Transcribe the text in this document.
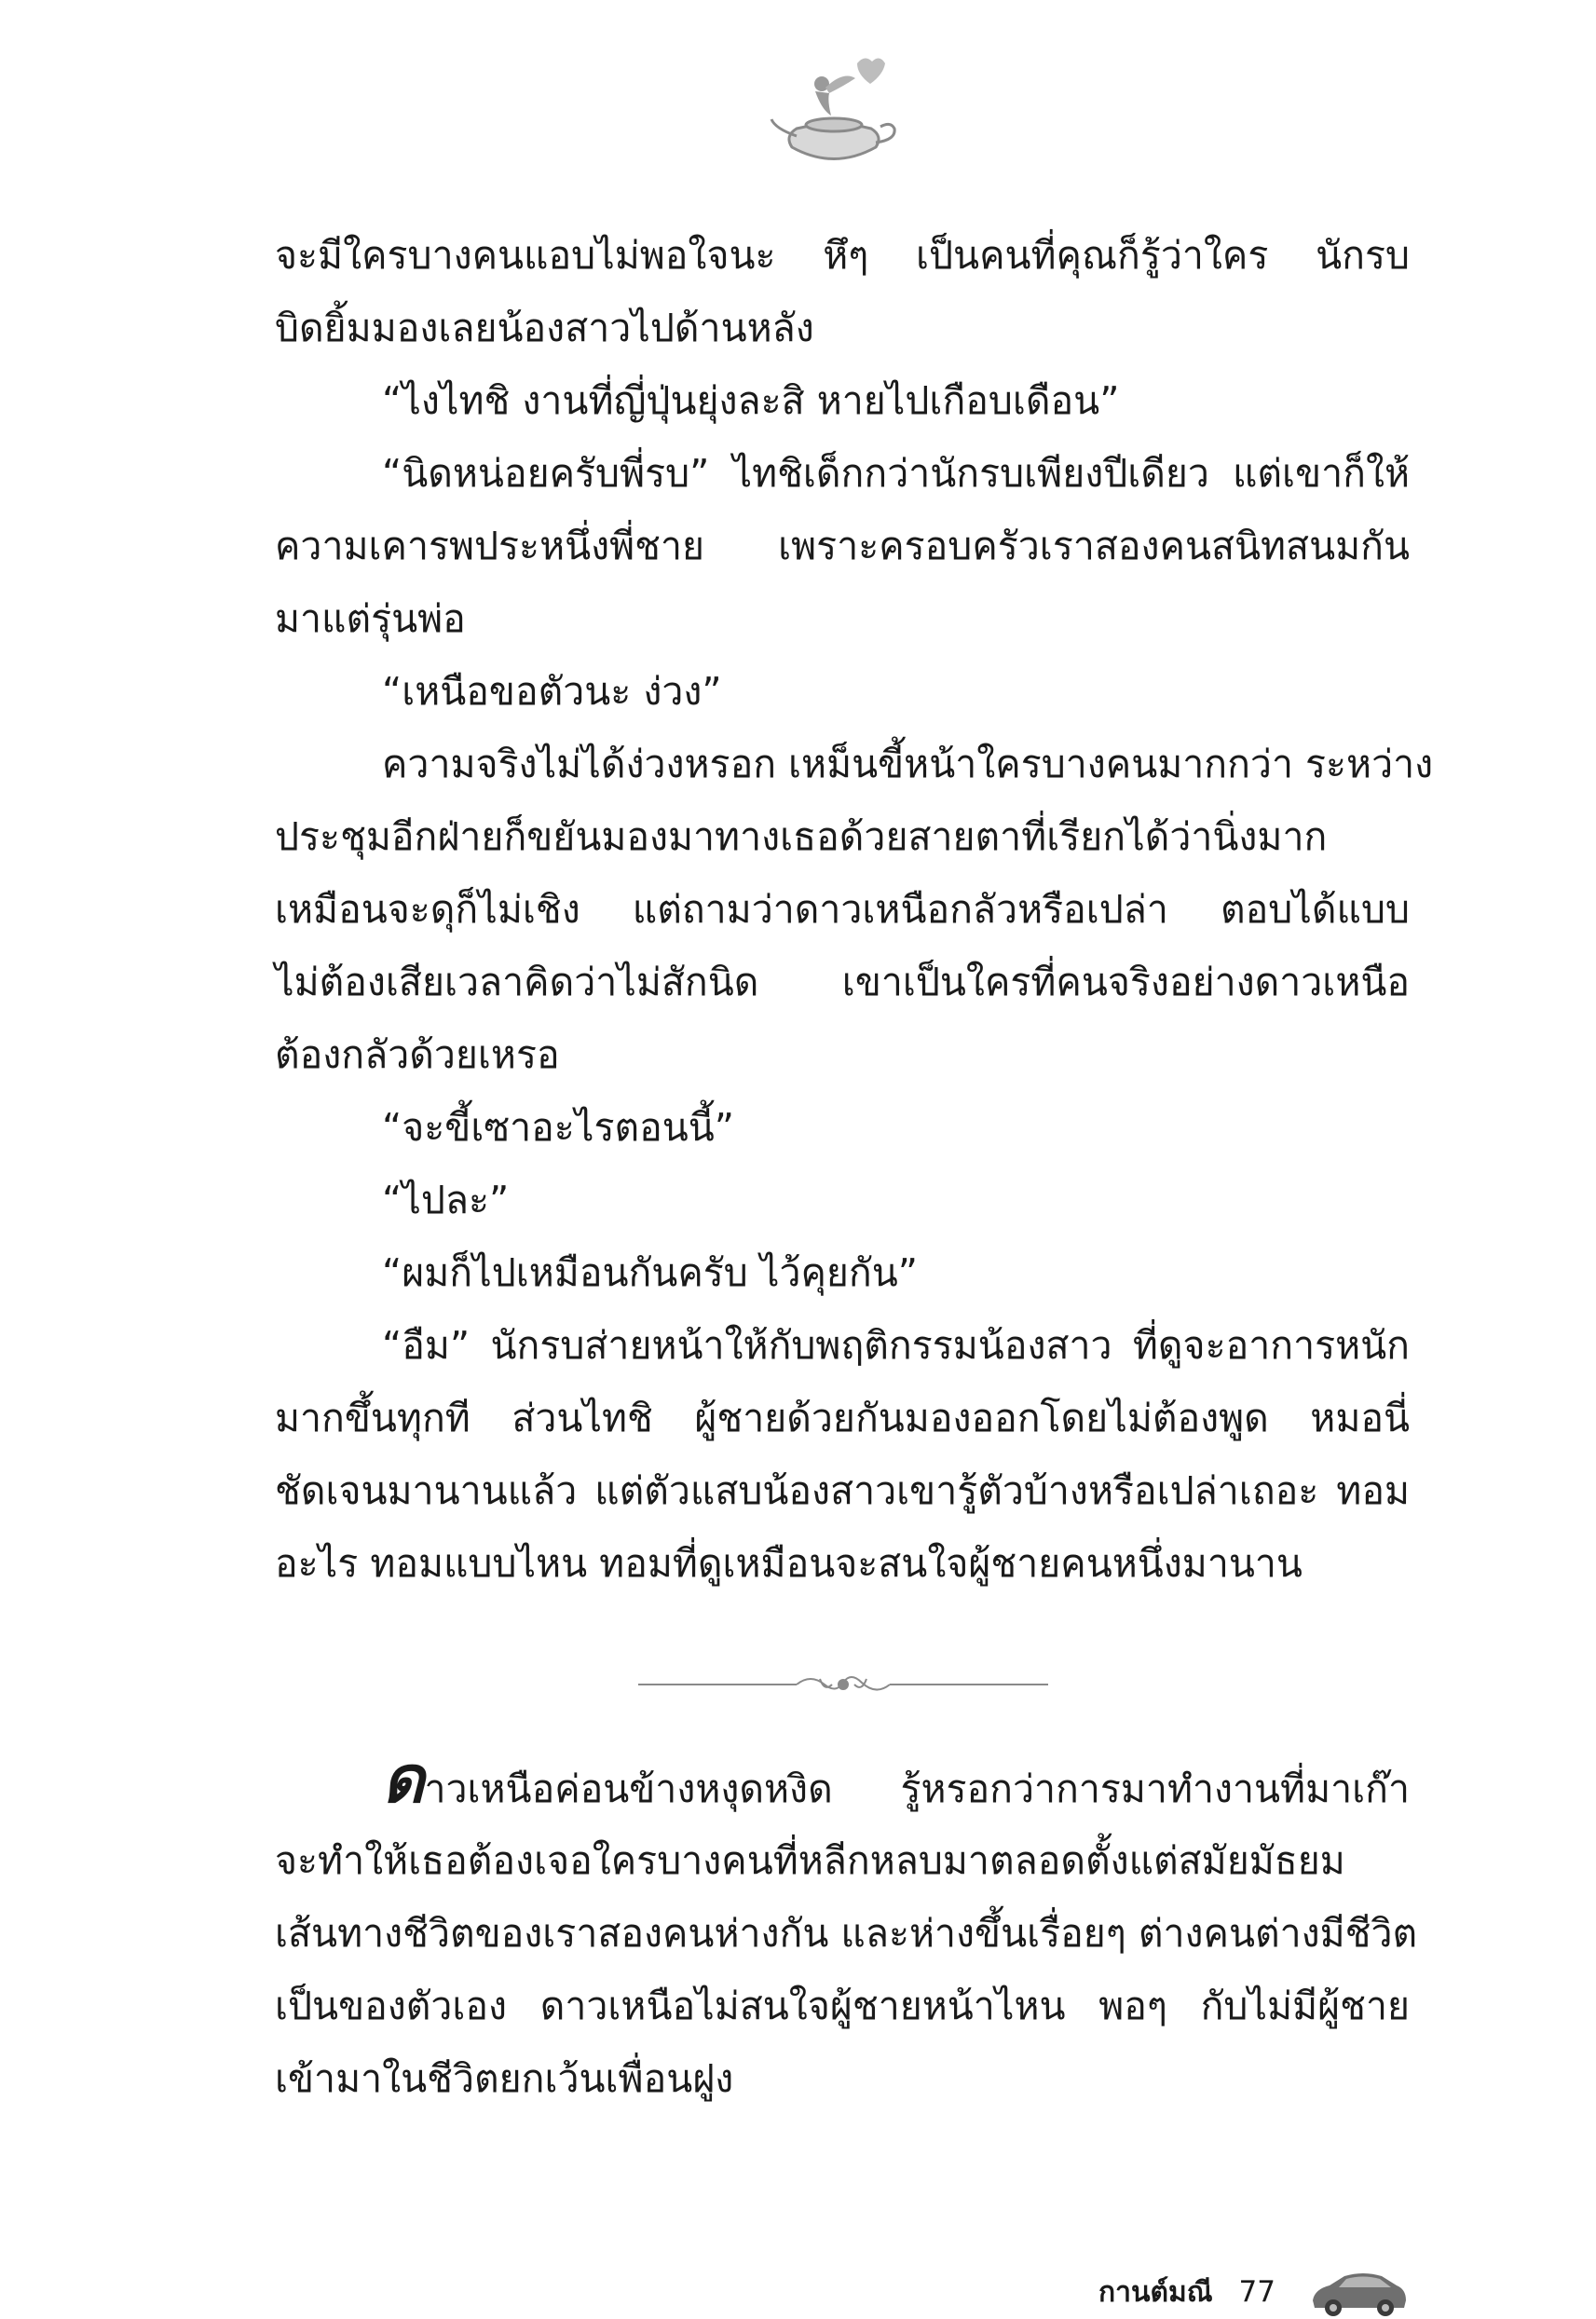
จะมีใครบางคนแอบไม่พอใจนะ หึๆ เป็นคนที่คุณก็รู้ว่าใคร นักรบ
บิดยิ้มมองเลยน้องสาวไปด้านหลัง
“ไงไทชิ งานที่ญี่ปุ่นยุ่งละสิ หายไปเกือบเดือน”
“นิดหน่อยครับพี่รบ” ไทชิเด็กกว่านักรบเพียงปีเดียว แต่เขาก็ให้
ความเคารพประหนึ่งพี่ชาย เพราะครอบครัวเราสองคนสนิทสนมกัน
มาแต่รุ่นพ่อ
“เหนือขอตัวนะ ง่วง”
ความจริงไม่ได้ง่วงหรอก เหม็นขี้หน้าใครบางคนมากกว่า ระหว่าง
ประชุมอีกฝ่ายก็ขยันมองมาทางเธอด้วยสายตาที่เรียกได้ว่านิ่งมาก
เหมือนจะดุก็ไม่เชิง แต่ถามว่าดาวเหนือกลัวหรือเปล่า ตอบได้แบบ
ไม่ต้องเสียเวลาคิดว่าไม่สักนิด เขาเป็นใครที่คนจริงอย่างดาวเหนือ
ต้องกลัวด้วยเหรอ
“จะขี้เซาอะไรตอนนี้”
“ไปละ”
“ผมก็ไปเหมือนกันครับ ไว้คุยกัน”
“อืม” นักรบส่ายหน้าให้กับพฤติกรรมน้องสาว ที่ดูจะอาการหนัก
มากขึ้นทุกที ส่วนไทชิ ผู้ชายด้วยกันมองออกโดยไม่ต้องพูด หมอนี่
ชัดเจนมานานแล้ว แต่ตัวแสบน้องสาวเขารู้ตัวบ้างหรือเปล่าเถอะ ทอม
อะไร ทอมแบบไหน ทอมที่ดูเหมือนจะสนใจผู้ชายคนหนึ่งมานาน
ดาวเหนือค่อนข้างหงุดหงิด รู้หรอกว่าการมาทำงานที่มาเก๊า
จะทำให้เธอต้องเจอใครบางคนที่หลีกหลบมาตลอดตั้งแต่สมัยมัธยม
เส้นทางชีวิตของเราสองคนห่างกัน และห่างขึ้นเรื่อยๆ ต่างคนต่างมีชีวิต
เป็นของตัวเอง ดาวเหนือไม่สนใจผู้ชายหน้าไหน พอๆ กับไม่มีผู้ชาย
เข้ามาในชีวิตยกเว้นเพื่อนฝูง
กานต์มณี 77
